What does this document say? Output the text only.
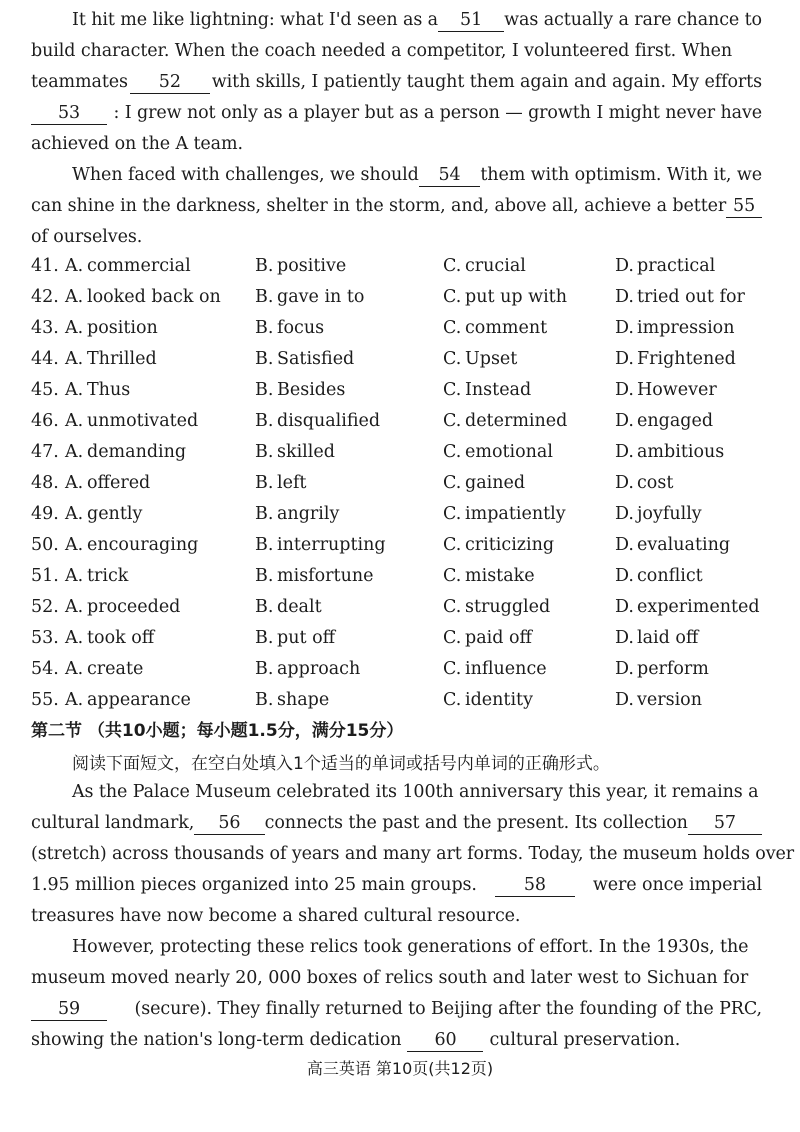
It hit me like lightning: what I'd seen as a	51	was actually a rare chance to
build character. When the coach needed a competitor, I volunteered first. When
teammates	52	with skills, I patiently taught them again and again. My efforts
53	: I grew not only as a player but as a person — growth I might never have
achieved on the A team.
When faced with challenges, we should	54	them with optimism. With it, we
can shine in the darkness, shelter in the storm, and, above all, achieve a better 55
of ourselves.
41. A. commercial	B. positive	C. crucial	D. practical
42. A. looked back on B. gave in to	C. put up with	D. tried out for
43. A. position	B. focus	C. comment	D. impression
44. A. Thrilled	B. Satisfied	C. Upset	D. Frightened
45. A. Thus	B. Besides	C. Instead	D. However
46. A. unmotivated	B. disqualified	C. determined	D. engaged
47. A. demanding	B. skilled	C. emotional	D. ambitious
48. A. offered	B. left	C. gained	D. cost
49. A. gently	B. angrily	C. impatiently	D. joyfully
50. A. encouraging	B. interrupting	C. criticizing	D. evaluating
51. A. trick	B. misfortune	C. mistake	D. conflict
52. A. proceeded	B. dealt	C. struggled	D. experimented
53. A. took off	B. put off	C. paid off	D. laid off
54. A. create	B. approach	C. influence	D. perform
55. A. appearance	B. shape	C. identity	D. version
第二节 （共10小题；每小题1.5分，满分15分）
阅读下面短文，在空白处填入1个适当的单词或括号内单词的正确形式。
As the Palace Museum celebrated its 100th anniversary this year, it remains a
cultural landmark,	56	connects the past and the present. Its collection	57
(stretch) across thousands of years and many art forms. Today, the museum holds over
1.95 million pieces organized into 25 main groups.	58	were once imperial
treasures have now become a shared cultural resource.
However, protecting these relics took generations of effort. In the 1930s, the
museum moved nearly 20, 000 boxes of relics south and later west to Sichuan for
59	(secure). They finally returned to Beijing after the founding of the PRC,
showing the nation's long-term dedication	60	cultural preservation.
高三英语 第10页(共12页)
